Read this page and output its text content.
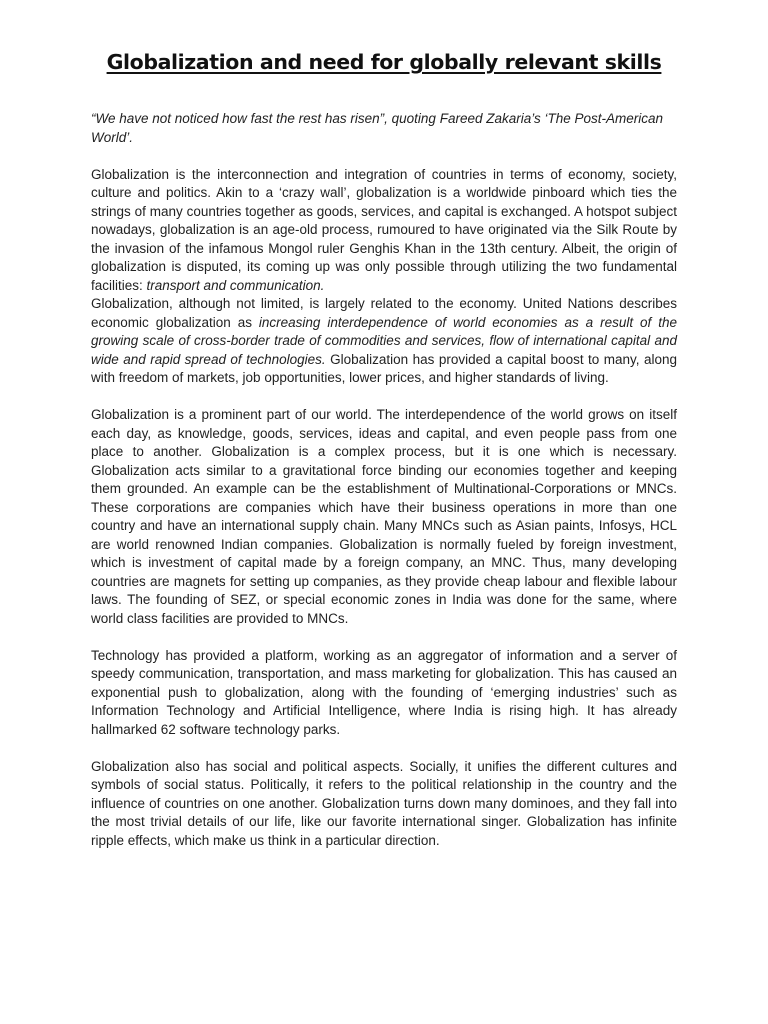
Globalization and need for globally relevant skills

“We have not noticed how fast the rest has risen”, quoting Fareed Zakaria’s ‘The Post-American World’.

Globalization is the interconnection and integration of countries in terms of economy, society, culture and politics. Akin to a ‘crazy wall’, globalization is a worldwide pinboard which ties the strings of many countries together as goods, services, and capital is exchanged. A hotspot subject nowadays, globalization is an age-old process, rumoured to have originated via the Silk Route by the invasion of the infamous Mongol ruler Genghis Khan in the 13th century. Albeit, the origin of globalization is disputed, its coming up was only possible through utilizing the two fundamental facilities: transport and communication.

Globalization, although not limited, is largely related to the economy. United Nations describes economic globalization as increasing interdependence of world economies as a result of the growing scale of cross-border trade of commodities and services, flow of international capital and wide and rapid spread of technologies. Globalization has provided a capital boost to many, along with freedom of markets, job opportunities, lower prices, and higher standards of living.

Globalization is a prominent part of our world. The interdependence of the world grows on itself each day, as knowledge, goods, services, ideas and capital, and even people pass from one place to another. Globalization is a complex process, but it is one which is necessary. Globalization acts similar to a gravitational force binding our economies together and keeping them grounded. An example can be the establishment of Multinational-Corporations or MNCs. These corporations are companies which have their business operations in more than one country and have an international supply chain. Many MNCs such as Asian paints, Infosys, HCL are world renowned Indian companies. Globalization is normally fueled by foreign investment, which is investment of capital made by a foreign company, an MNC. Thus, many developing countries are magnets for setting up companies, as they provide cheap labour and flexible labour laws. The founding of SEZ, or special economic zones in India was done for the same, where world class facilities are provided to MNCs.

Technology has provided a platform, working as an aggregator of information and a server of speedy communication, transportation, and mass marketing for globalization. This has caused an exponential push to globalization, along with the founding of ‘emerging industries’ such as Information Technology and Artificial Intelligence, where India is rising high. It has already hallmarked 62 software technology parks.

Globalization also has social and political aspects. Socially, it unifies the different cultures and symbols of social status. Politically, it refers to the political relationship in the country and the influence of countries on one another. Globalization turns down many dominoes, and they fall into the most trivial details of our life, like our favorite international singer. Globalization has infinite ripple effects, which make us think in a particular direction.
